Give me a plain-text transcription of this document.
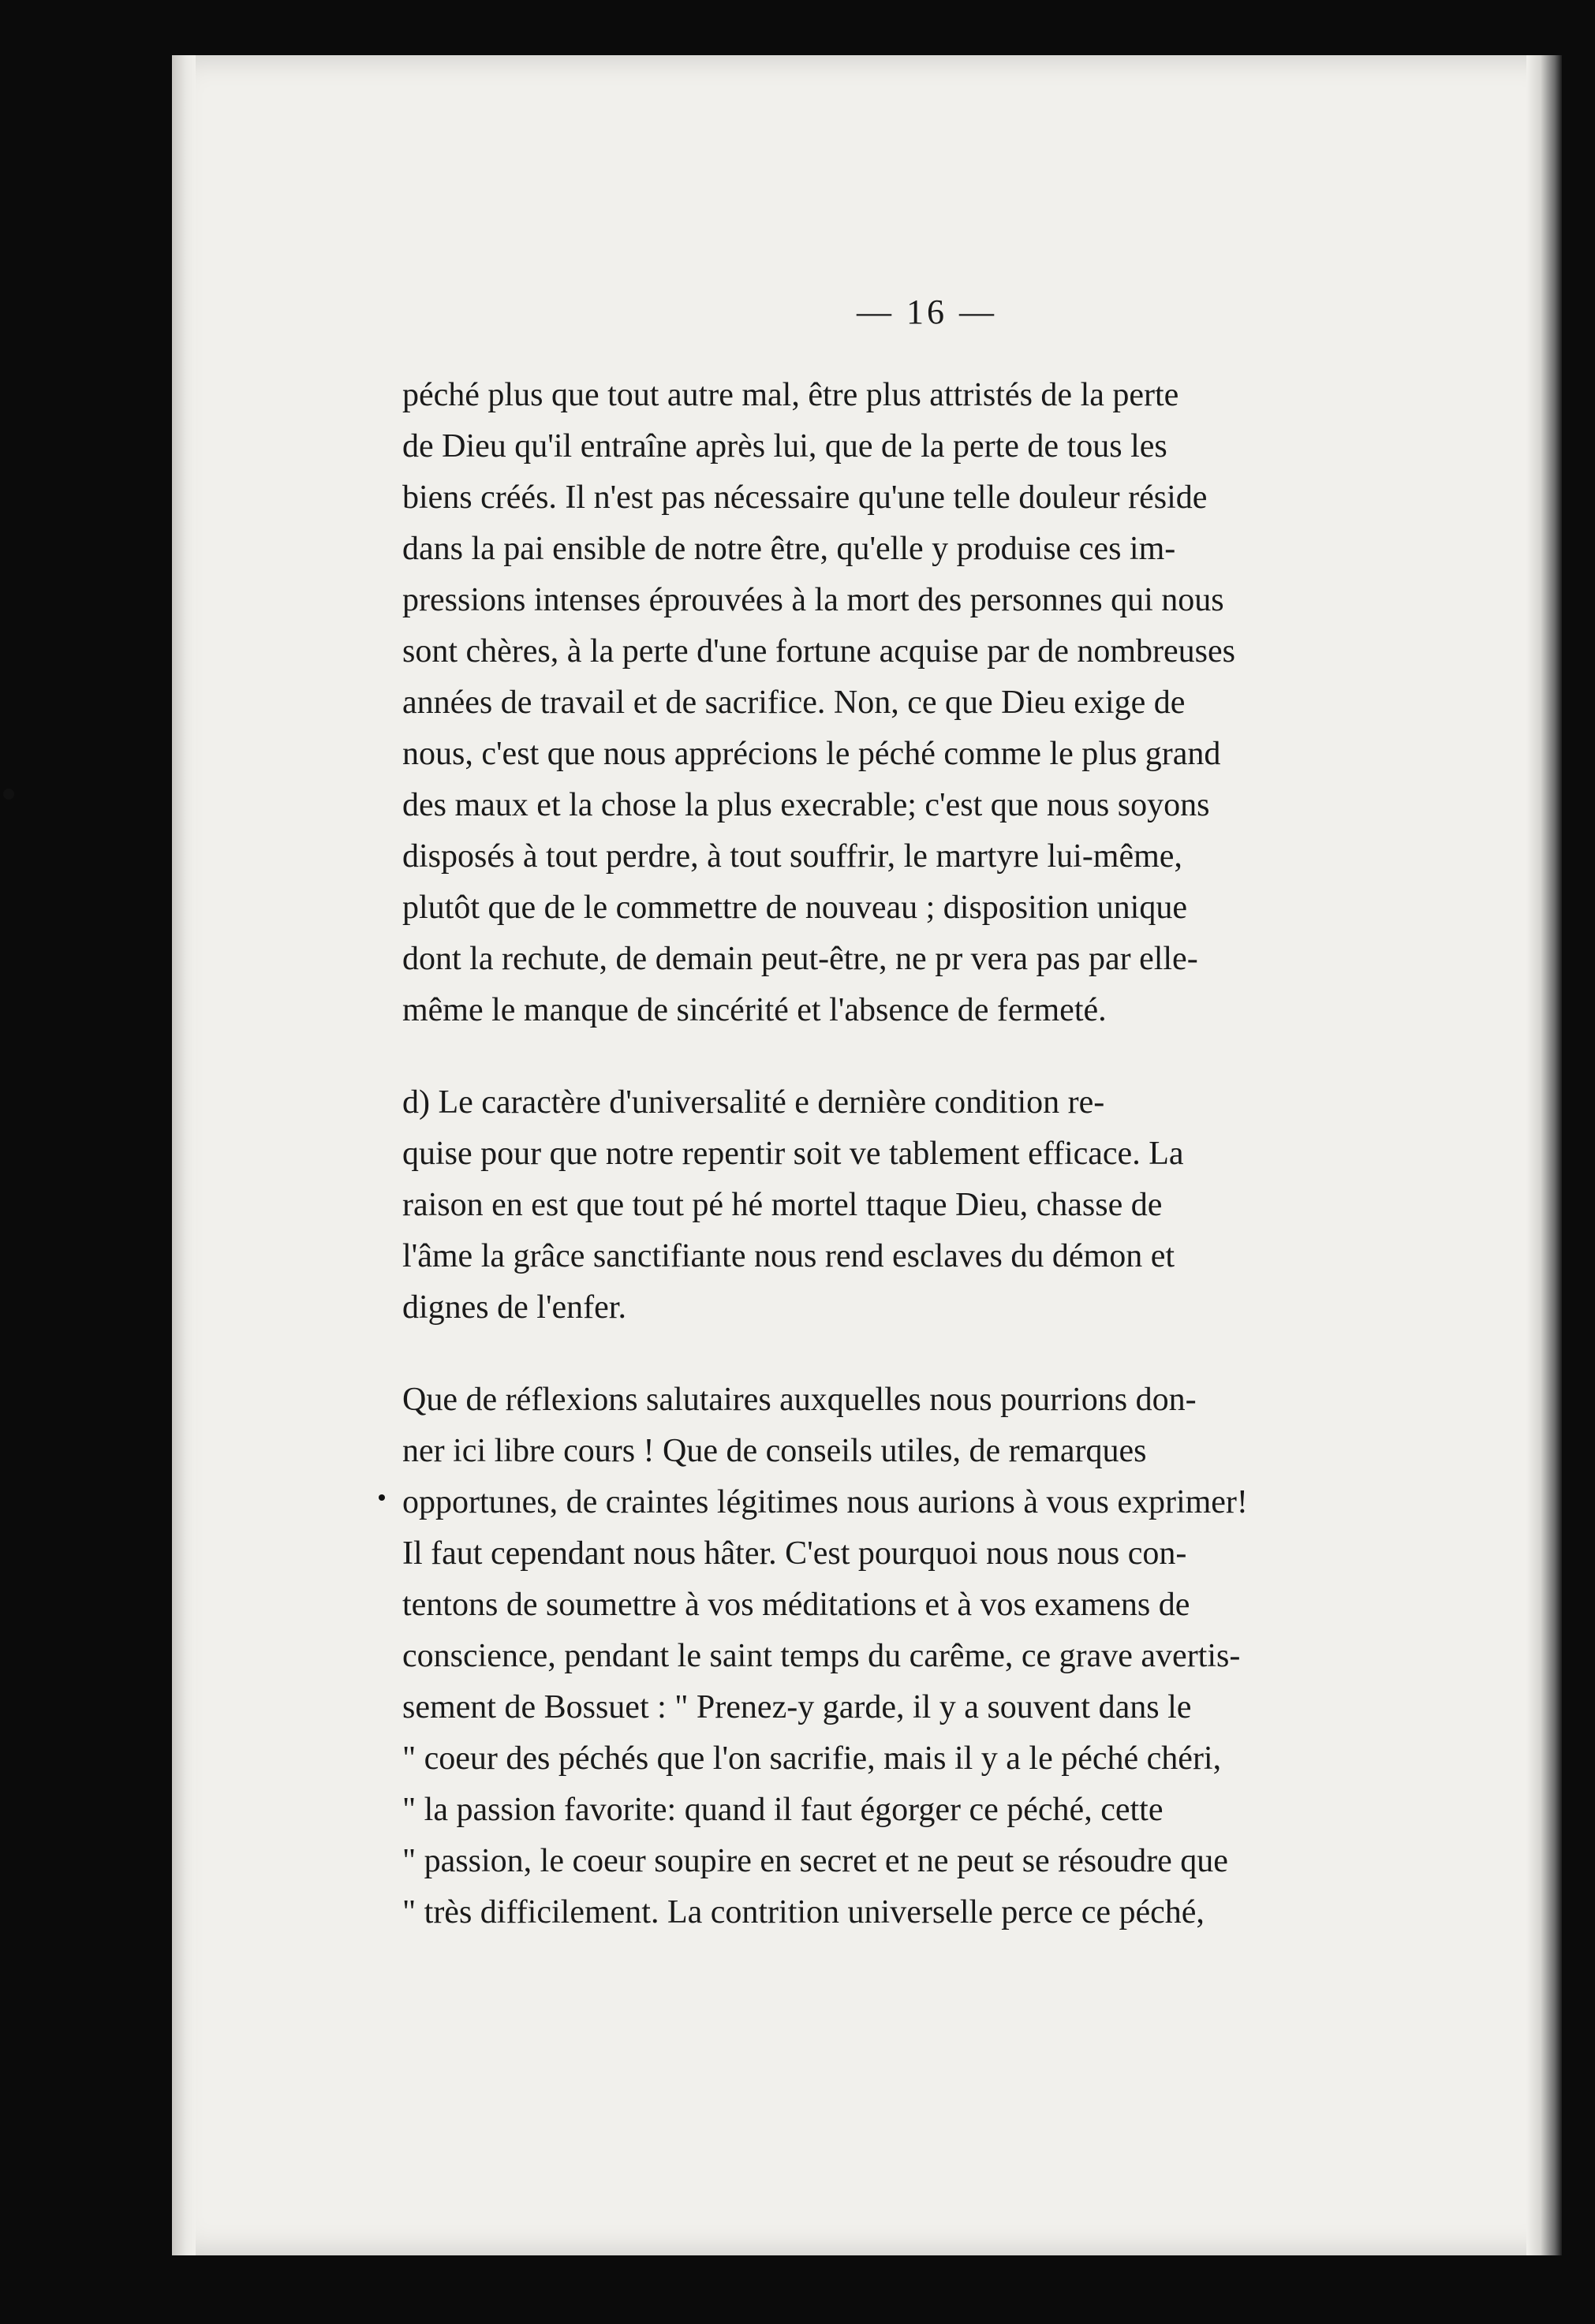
— 16 —

péché plus que tout autre mal, être plus attristés de la perte
de Dieu qu'il entraîne après lui, que de la perte de tous les
biens créés. Il n'est pas nécessaire qu'une telle douleur réside
dans la pai ensible de notre être, qu'elle y produise ces im-
pressions intenses éprouvées à la mort des personnes qui nous
sont chères, à la perte d'une fortune acquise par de nombreuses
années de travail et de sacrifice. Non, ce que Dieu exige de
nous, c'est que nous apprécions le péché comme le plus grand
des maux et la chose la plus execrable; c'est que nous soyons
disposés à tout perdre, à tout souffrir, le martyre lui-même,
plutôt que de le commettre de nouveau ; disposition unique
dont la rechute, de demain peut-être, ne pr vera pas par elle-
même le manque de sincérité et l'absence de fermeté.

d) Le caractère d'universalité e dernière condition re-
quise pour que notre repentir soit ve tablement efficace. La
raison en est que tout pé hé mortel ttaque Dieu, chasse de
l'âme la grâce sanctifiante nous rend esclaves du démon et
dignes de l'enfer.

Que de réflexions salutaires auxquelles nous pourrions don-
ner ici libre cours ! Que de conseils utiles, de remarques
opportunes, de craintes légitimes nous aurions à vous exprimer!
Il faut cependant nous hâter. C'est pourquoi nous nous con-
tentons de soumettre à vos méditations et à vos examens de
conscience, pendant le saint temps du carême, ce grave avertis-
sement de Bossuet : " Prenez-y garde, il y a souvent dans le
" coeur des péchés que l'on sacrifie, mais il y a le péché chéri,
" la passion favorite: quand il faut égorger ce péché, cette
" passion, le coeur soupire en secret et ne peut se résoudre que
" très difficilement. La contrition universelle perce ce péché,
